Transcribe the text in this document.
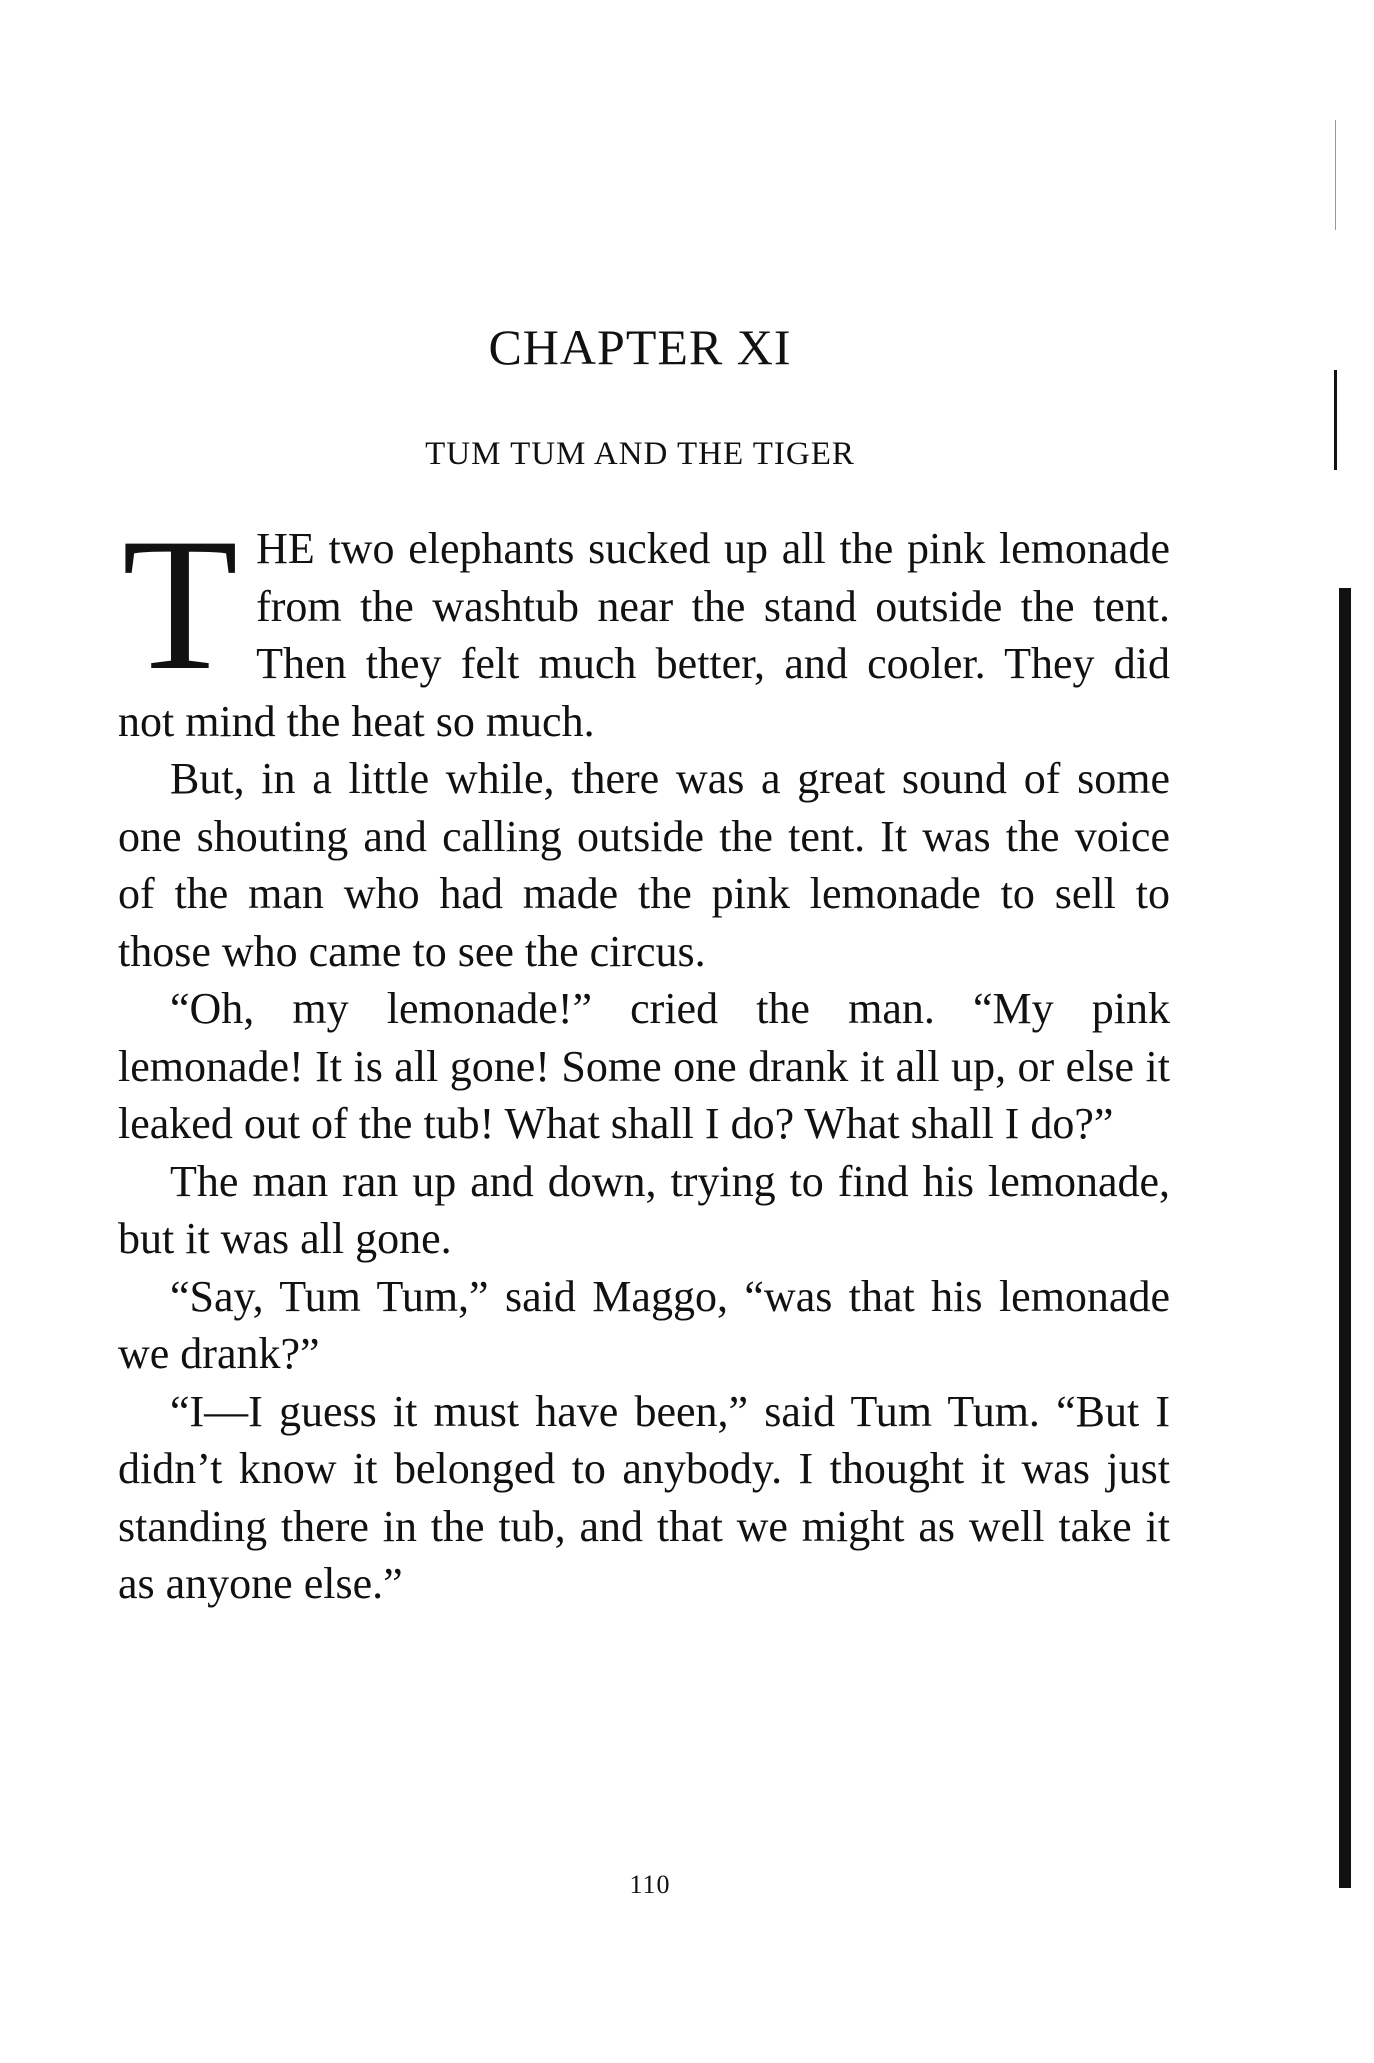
CHAPTER XI
TUM TUM AND THE TIGER

THE two elephants sucked up all the pink lemonade from the washtub near the stand outside the tent. Then they felt much better, and cooler. They did not mind the heat so much.

But, in a little while, there was a great sound of some one shouting and calling outside the tent. It was the voice of the man who had made the pink lemonade to sell to those who came to see the circus.

“Oh, my lemonade!” cried the man. “My pink lemonade! It is all gone! Some one drank it all up, or else it leaked out of the tub! What shall I do? What shall I do?”

The man ran up and down, trying to find his lemonade, but it was all gone.

“Say, Tum Tum,” said Maggo, “was that his lemonade we drank?”

“I—I guess it must have been,” said Tum Tum. “But I didn’t know it belonged to anybody. I thought it was just standing there in the tub, and that we might as well take it as anyone else.”

110
